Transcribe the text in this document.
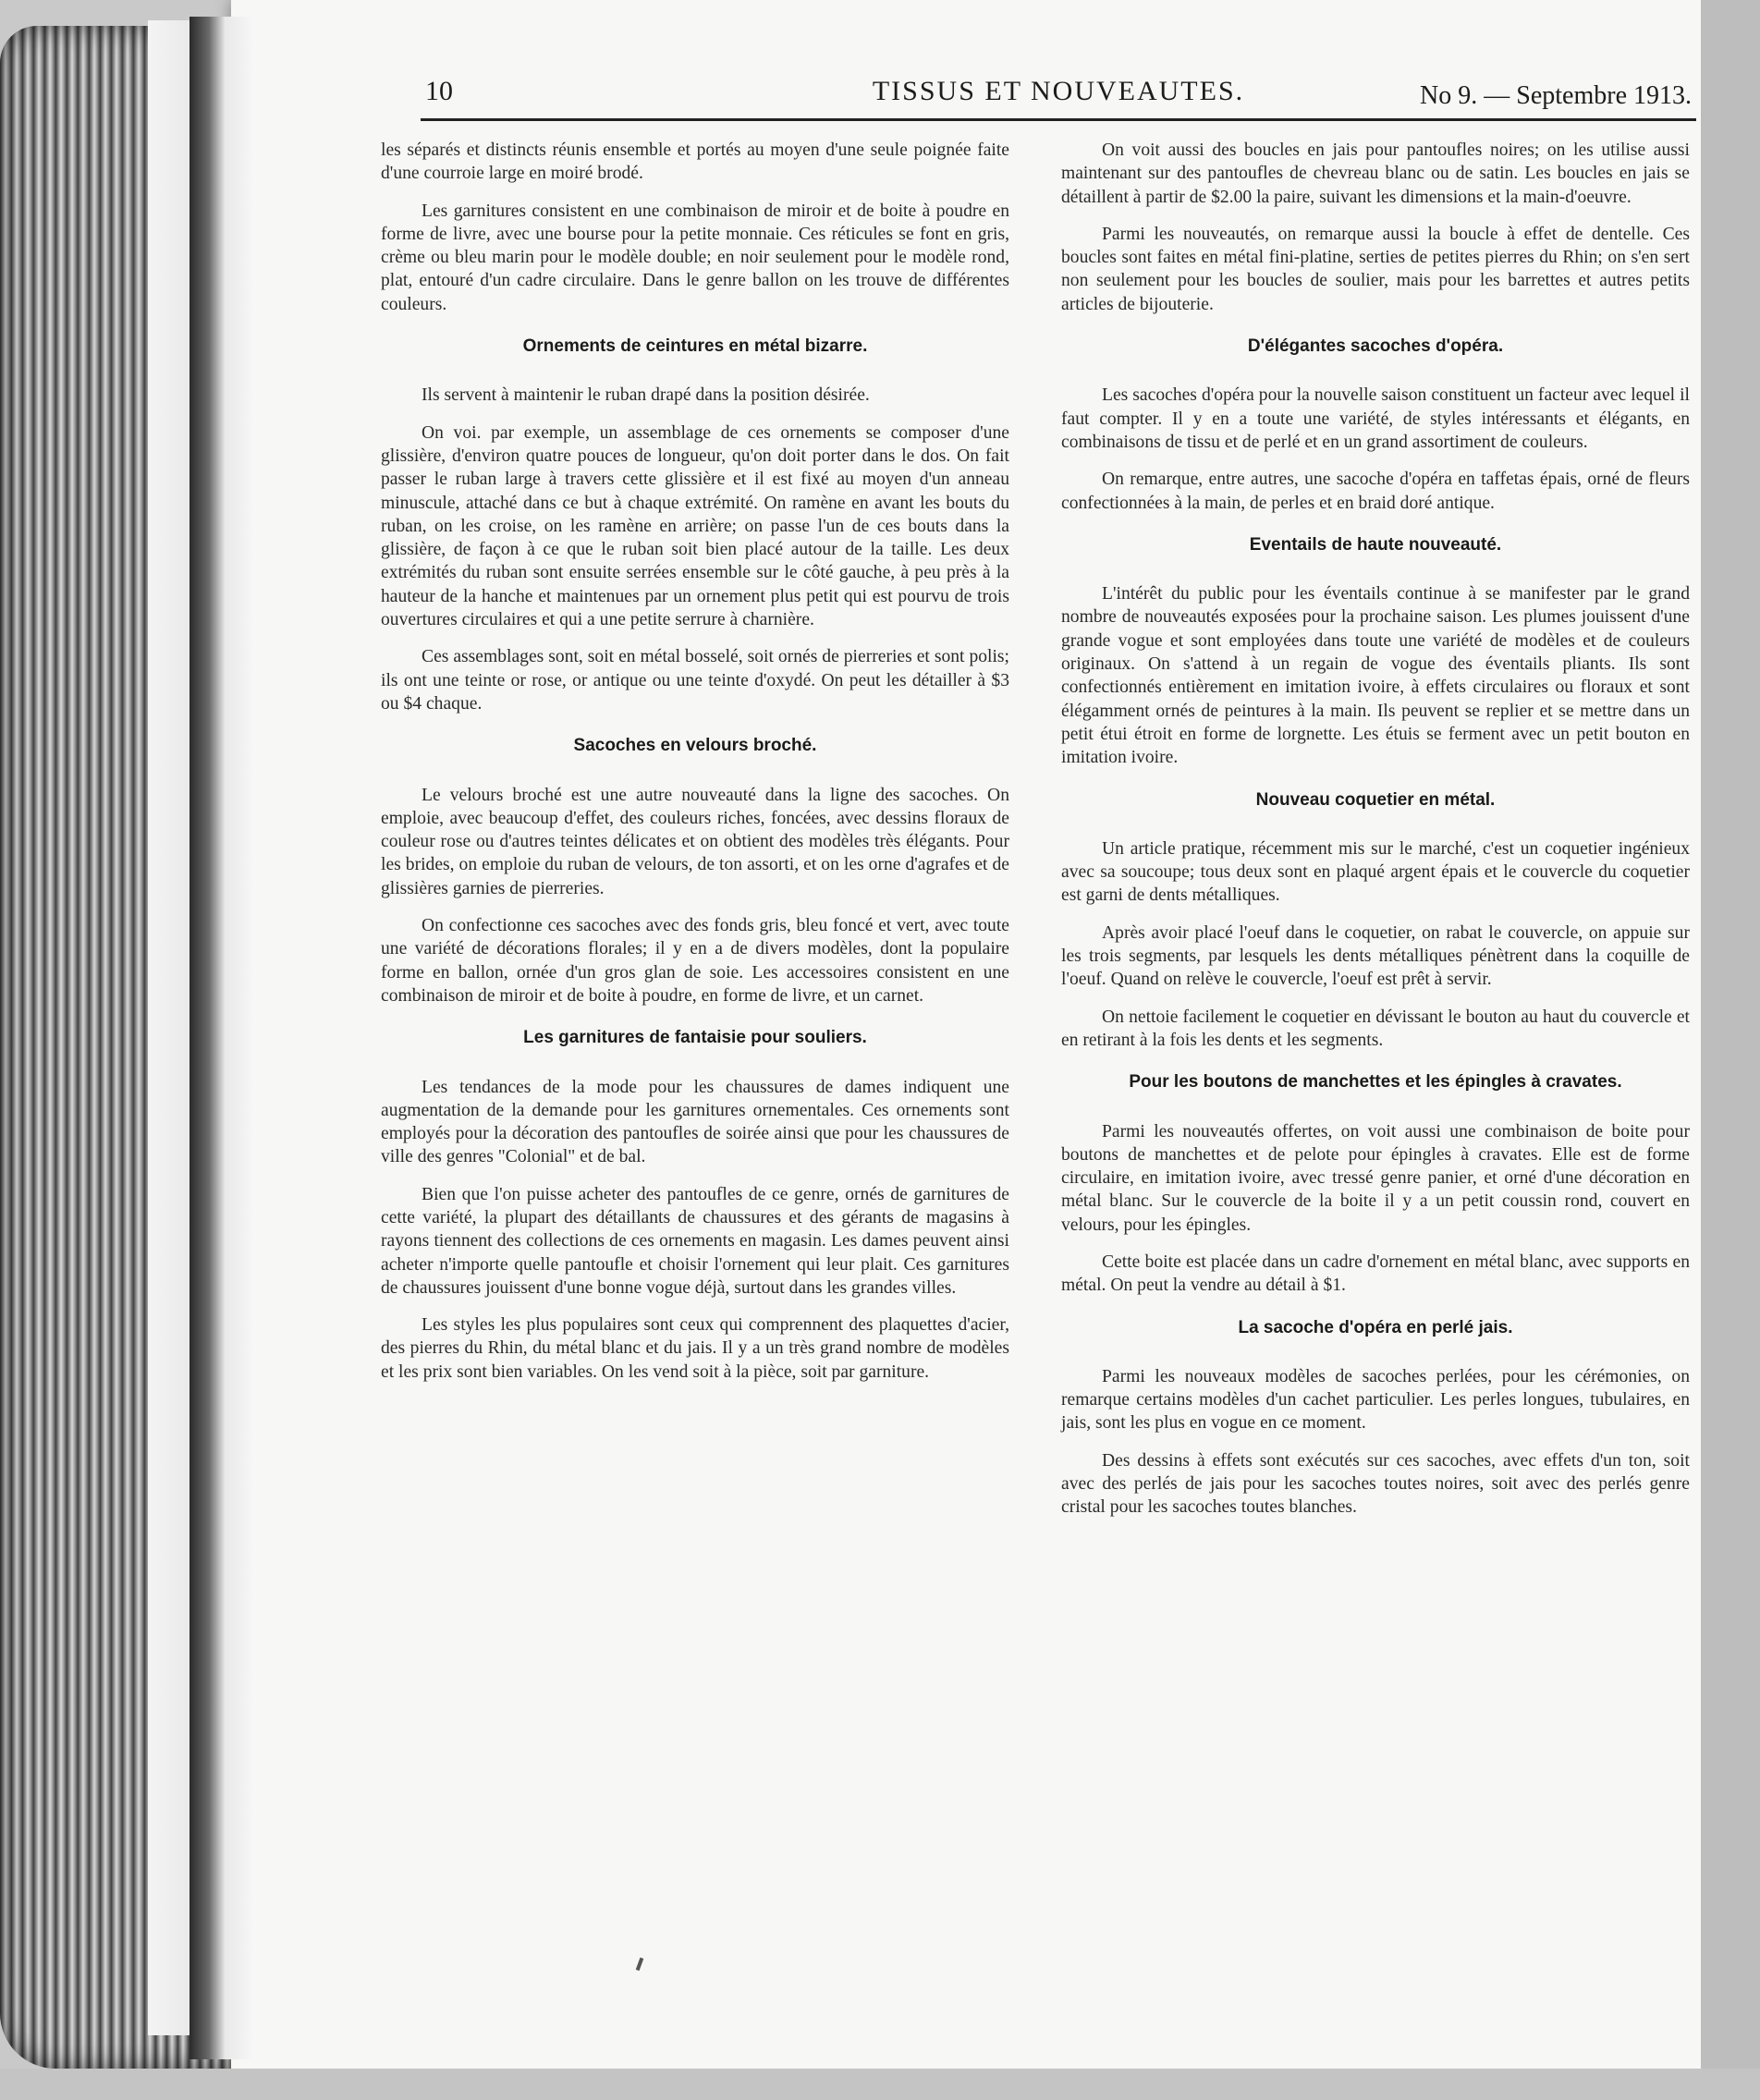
10	TISSUS ET NOUVEAUTES.	No 9. — Septembre 1913.

les séparés et distincts réunis ensemble et portés au moyen d'une seule poignée faite d'une courroie large en moiré brodé.

Les garnitures consistent en une combinaison de miroir et de boite à poudre en forme de livre, avec une bourse pour la petite monnaie. Ces réticules se font en gris, crème ou bleu marin pour le modèle double; en noir seulement pour le modèle rond, plat, entouré d'un cadre circulaire. Dans le genre ballon on les trouve de différentes couleurs.

Ornements de ceintures en métal bizarre.

Ils servent à maintenir le ruban drapé dans la position désirée.

On voi. par exemple, un assemblage de ces ornements se composer d'une glissière, d'environ quatre pouces de longueur, qu'on doit porter dans le dos. On fait passer le ruban large à travers cette glissière et il est fixé au moyen d'un anneau minuscule, attaché dans ce but à chaque extrémité. On ramène en avant les bouts du ruban, on les croise, on les ramène en arrière; on passe l'un de ces bouts dans la glissière, de façon à ce que le ruban soit bien placé autour de la taille. Les deux extrémités du ruban sont ensuite serrées ensemble sur le côté gauche, à peu près à la hauteur de la hanche et maintenues par un ornement plus petit qui est pourvu de trois ouvertures circulaires et qui a une petite serrure à charnière.

Ces assemblages sont, soit en métal bosselé, soit ornés de pierreries et sont polis; ils ont une teinte or rose, or antique ou une teinte d'oxydé. On peut les détailler à $3 ou $4 chaque.

Sacoches en velours broché.

Le velours broché est une autre nouveauté dans la ligne des sacoches. On emploie, avec beaucoup d'effet, des couleurs riches, foncées, avec dessins floraux de couleur rose ou d'autres teintes délicates et on obtient des modèles très élégants. Pour les brides, on emploie du ruban de velours, de ton assorti, et on les orne d'agrafes et de glissières garnies de pierreries.

On confectionne ces sacoches avec des fonds gris, bleu foncé et vert, avec toute une variété de décorations florales; il y en a de divers modèles, dont la populaire forme en ballon, ornée d'un gros glan de soie. Les accessoires consistent en une combinaison de miroir et de boite à poudre, en forme de livre, et un carnet.

Les garnitures de fantaisie pour souliers.

Les tendances de la mode pour les chaussures de dames indiquent une augmentation de la demande pour les garnitures ornementales. Ces ornements sont employés pour la décoration des pantoufles de soirée ainsi que pour les chaussures de ville des genres "Colonial" et de bal.

Bien que l'on puisse acheter des pantoufles de ce genre, ornés de garnitures de cette variété, la plupart des détaillants de chaussures et des gérants de magasins à rayons tiennent des collections de ces ornements en magasin. Les dames peuvent ainsi acheter n'importe quelle pantoufle et choisir l'ornement qui leur plait. Ces garnitures de chaussures jouissent d'une bonne vogue déjà, surtout dans les grandes villes.

Les styles les plus populaires sont ceux qui comprennent des plaquettes d'acier, des pierres du Rhin, du métal blanc et du jais. Il y a un très grand nombre de modèles et les prix sont bien variables. On les vend soit à la pièce, soit par garniture.

On voit aussi des boucles en jais pour pantoufles noires; on les utilise aussi maintenant sur des pantoufles de chevreau blanc ou de satin. Les boucles en jais se détaillent à partir de $2.00 la paire, suivant les dimensions et la main-d'oeuvre.

Parmi les nouveautés, on remarque aussi la boucle à effet de dentelle. Ces boucles sont faites en métal fini-platine, serties de petites pierres du Rhin; on s'en sert non seulement pour les boucles de soulier, mais pour les barrettes et autres petits articles de bijouterie.

D'élégantes sacoches d'opéra.

Les sacoches d'opéra pour la nouvelle saison constituent un facteur avec lequel il faut compter. Il y en a toute une variété, de styles intéressants et élégants, en combinaisons de tissu et de perlé et en un grand assortiment de couleurs.

On remarque, entre autres, une sacoche d'opéra en taffetas épais, orné de fleurs confectionnées à la main, de perles et en braid doré antique.

Eventails de haute nouveauté.

L'intérêt du public pour les éventails continue à se manifester par le grand nombre de nouveautés exposées pour la prochaine saison. Les plumes jouissent d'une grande vogue et sont employées dans toute une variété de modèles et de couleurs originaux. On s'attend à un regain de vogue des éventails pliants. Ils sont confectionnés entièrement en imitation ivoire, à effets circulaires ou floraux et sont élégamment ornés de peintures à la main. Ils peuvent se replier et se mettre dans un petit étui étroit en forme de lorgnette. Les étuis se ferment avec un petit bouton en imitation ivoire.

Nouveau coquetier en métal.

Un article pratique, récemment mis sur le marché, c'est un coquetier ingénieux avec sa soucoupe; tous deux sont en plaqué argent épais et le couvercle du coquetier est garni de dents métalliques.

Après avoir placé l'oeuf dans le coquetier, on rabat le couvercle, on appuie sur les trois segments, par lesquels les dents métalliques pénètrent dans la coquille de l'oeuf. Quand on relève le couvercle, l'oeuf est prêt à servir.

On nettoie facilement le coquetier en dévissant le bouton au haut du couvercle et en retirant à la fois les dents et les segments.

Pour les boutons de manchettes et les épingles à cravates.

Parmi les nouveautés offertes, on voit aussi une combinaison de boite pour boutons de manchettes et de pelote pour épingles à cravates. Elle est de forme circulaire, en imitation ivoire, avec tressé genre panier, et orné d'une décoration en métal blanc. Sur le couvercle de la boite il y a un petit coussin rond, couvert en velours, pour les épingles.

Cette boite est placée dans un cadre d'ornement en métal blanc, avec supports en métal. On peut la vendre au détail à $1.

La sacoche d'opéra en perlé jais.

Parmi les nouveaux modèles de sacoches perlées, pour les cérémonies, on remarque certains modèles d'un cachet particulier. Les perles longues, tubulaires, en jais, sont les plus en vogue en ce moment.

Des dessins à effets sont exécutés sur ces sacoches, avec effets d'un ton, soit avec des perlés de jais pour les sacoches toutes noires, soit avec des perlés genre cristal pour les sacoches toutes blanches.
